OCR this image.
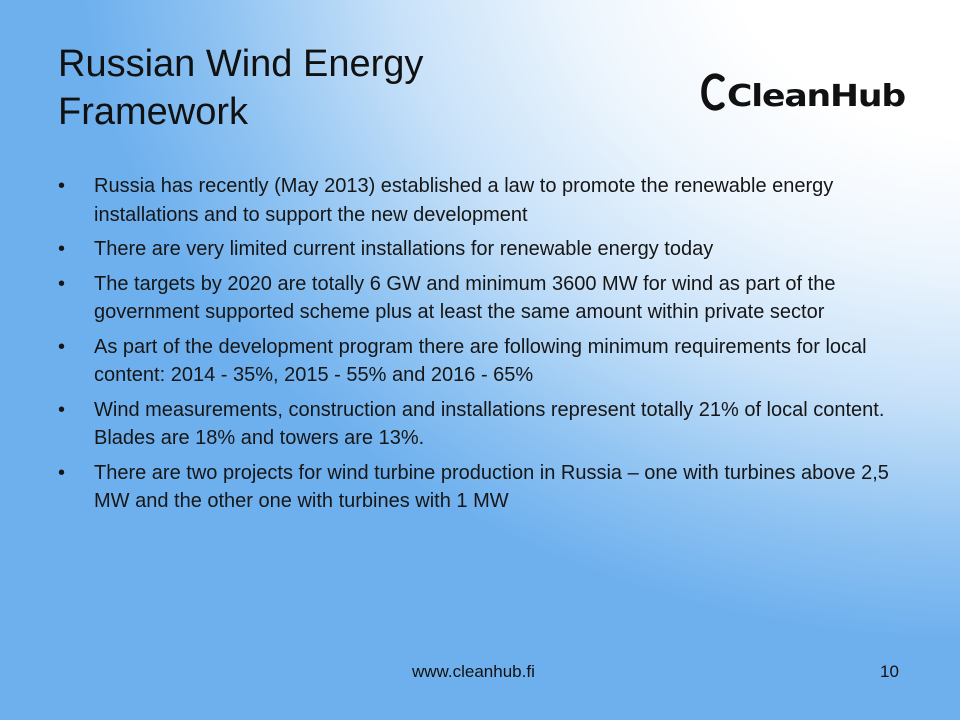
Russian Wind Energy
Framework	CleanHub
•	Russia has recently (May 2013) established a law to promote the renewable energy installations and to support the new development
•	There are very limited current installations for renewable energy today
•	The targets by 2020 are totally 6 GW and minimum 3600 MW for wind as part of the government supported scheme plus at least the same amount within private sector
•	As part of the development program there are following minimum requirements for local content: 2014 - 35%, 2015 - 55% and 2016 - 65%
•	Wind measurements, construction and installations represent totally 21% of local content. Blades are 18% and towers are 13%.
•	There are two projects for wind turbine production in Russia – one with turbines above 2,5 MW and the other one with turbines with 1 MW
www.cleanhub.fi	10
